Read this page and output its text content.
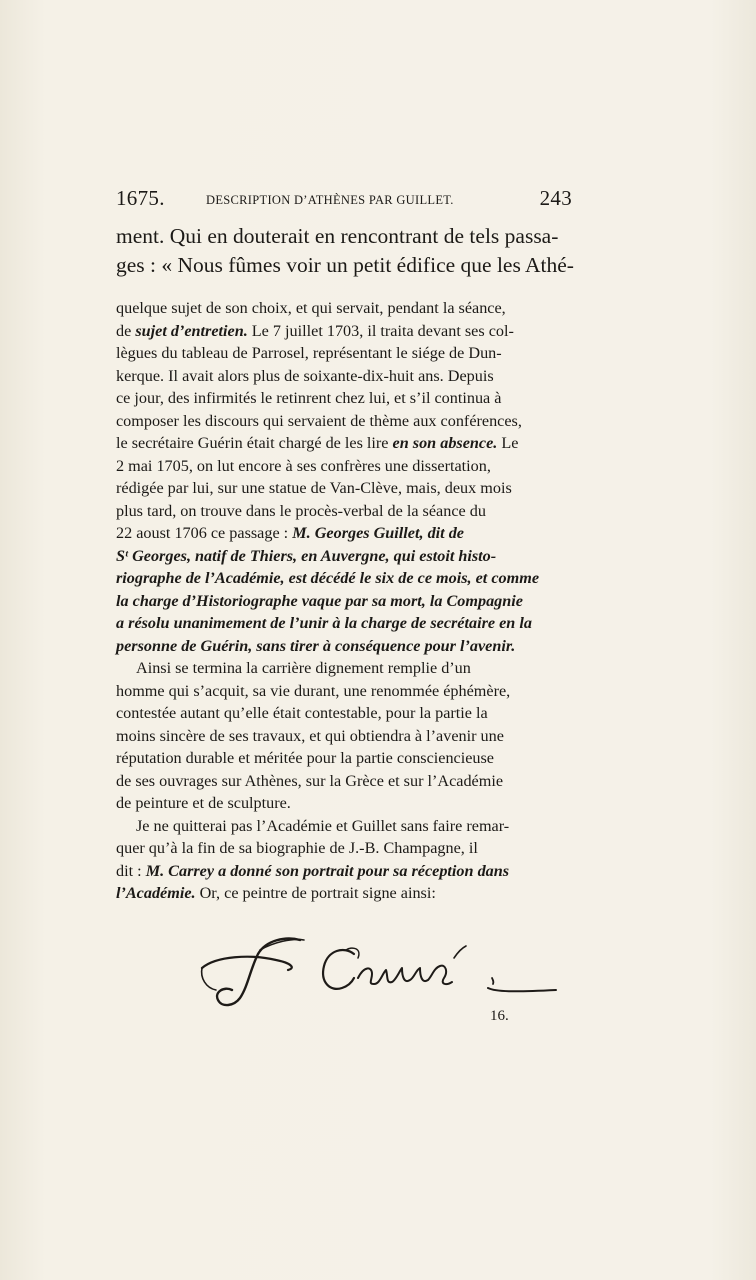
1675.	DESCRIPTION D’ATHÈNES PAR GUILLET.	243
ment. Qui en douterait en rencontrant de tels passa-
ges : « Nous fûmes voir un petit édifice que les Athé-
quelque sujet de son choix, et qui servait, pendant la séance,
de sujet d’entretien. Le 7 juillet 1703, il traita devant ses col-
lègues du tableau de Parrosel, représentant le siége de Dun-
kerque. Il avait alors plus de soixante-dix-huit ans. Depuis
ce jour, des infirmités le retinrent chez lui, et s’il continua à
composer les discours qui servaient de thème aux conférences,
le secrétaire Guérin était chargé de les lire en son absence. Le
2 mai 1705, on lut encore à ses confrères une dissertation,
rédigée par lui, sur une statue de Van-Clève, mais, deux mois
plus tard, on trouve dans le procès-verbal de la séance du
22 aoust 1706 ce passage : M. Georges Guillet, dit de
Sᵗ Georges, natif de Thiers, en Auvergne, qui estoit histo-
riographe de l’Académie, est décédé le six de ce mois, et comme
la charge d’Historiographe vaque par sa mort, la Compagnie
a résolu unanimement de l’unir à la charge de secrétaire en la
personne de Guérin, sans tirer à conséquence pour l’avenir.
Ainsi se termina la carrière dignement remplie d’un
homme qui s’acquit, sa vie durant, une renommée éphémère,
contestée autant qu’elle était contestable, pour la partie la
moins sincère de ses travaux, et qui obtiendra à l’avenir une
réputation durable et méritée pour la partie consciencieuse
de ses ouvrages sur Athènes, sur la Grèce et sur l’Académie
de peinture et de sculpture.
Je ne quitterai pas l’Académie et Guillet sans faire remar-
quer qu’à la fin de sa biographie de J.-B. Champagne, il
dit : M. Carrey a donné son portrait pour sa réception dans
l’Académie. Or, ce peintre de portrait signe ainsi:
16.
